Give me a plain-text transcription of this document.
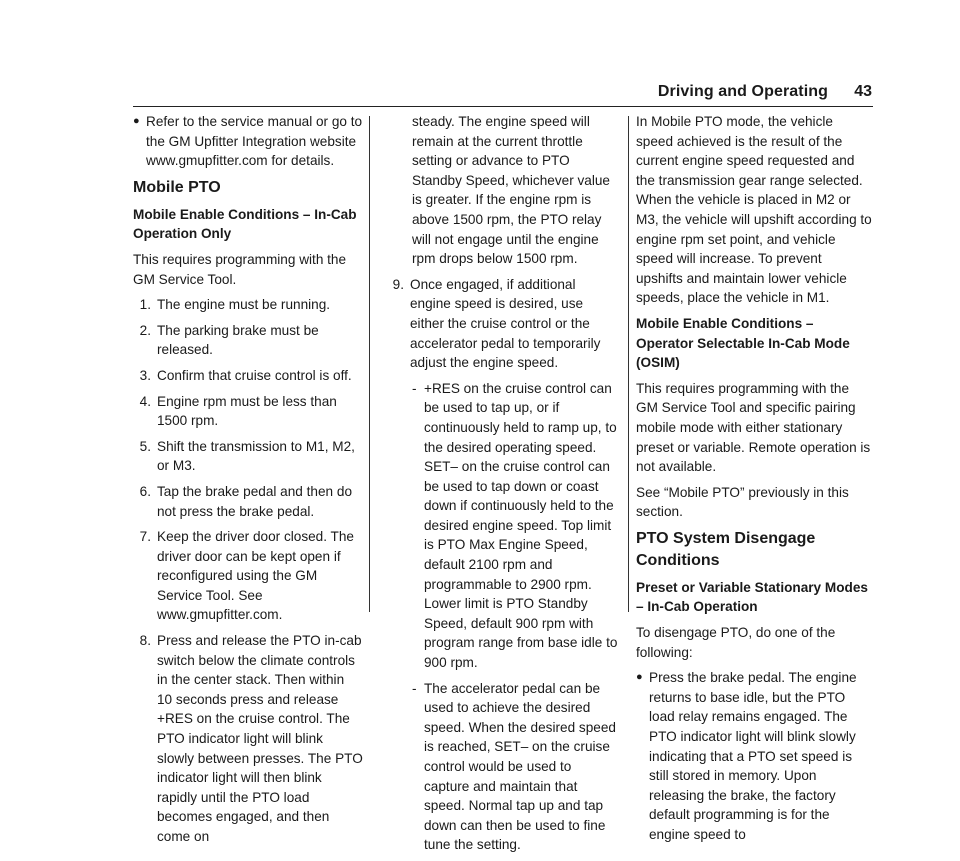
Driving and Operating 43
● Refer to the service manual or go to the GM Upfitter Integration website www.gmupfitter.com for details.
Mobile PTO
Mobile Enable Conditions – In-Cab Operation Only

This requires programming with the GM Service Tool.

1. The engine must be running.
2. The parking brake must be released.
3. Confirm that cruise control is off.
4. Engine rpm must be less than 1500 rpm.
5. Shift the transmission to M1, M2, or M3.
6. Tap the brake pedal and then do not press the brake pedal.
7. Keep the driver door closed. The driver door can be kept open if reconfigured using the GM Service Tool. See www.gmupfitter.com.
8. Press and release the PTO in-cab switch below the climate controls in the center stack. Then within 10 seconds press and release +RES on the cruise control. The PTO indicator light will blink slowly between presses. The PTO indicator light will then blink rapidly until the PTO load becomes engaged, and then come on

steady. The engine speed will remain at the current throttle setting or advance to PTO Standby Speed, whichever value is greater. If the engine rpm is above 1500 rpm, the PTO relay will not engage until the engine rpm drops below 1500 rpm.

9. Once engaged, if additional engine speed is desired, use either the cruise control or the accelerator pedal to temporarily adjust the engine speed.
‐ +RES on the cruise control can be used to tap up, or if continuously held to ramp up, to the desired operating speed. SET– on the cruise control can be used to tap down or coast down if continuously held to the desired engine speed. Top limit is PTO Max Engine Speed, default 2100 rpm and programmable to 2900 rpm. Lower limit is PTO Standby Speed, default 900 rpm with program range from base idle to 900 rpm.
‐ The accelerator pedal can be used to achieve the desired speed. When the desired speed is reached, SET– on the cruise control would be used to capture and maintain that speed. Normal tap up and tap down can then be used to fine tune the setting.

In Mobile PTO mode, the vehicle speed achieved is the result of the current engine speed requested and the transmission gear range selected. When the vehicle is placed in M2 or M3, the vehicle will upshift according to engine rpm set point, and vehicle speed will increase. To prevent upshifts and maintain lower vehicle speeds, place the vehicle in M1.

Mobile Enable Conditions – Operator Selectable In-Cab Mode (OSIM)

This requires programming with the GM Service Tool and specific pairing mobile mode with either stationary preset or variable. Remote operation is not available.

See “Mobile PTO” previously in this section.

PTO System Disengage Conditions
Preset or Variable Stationary Modes – In-Cab Operation

To disengage PTO, do one of the following:

● Press the brake pedal. The engine returns to base idle, but the PTO load relay remains engaged. The PTO indicator light will blink slowly indicating that a PTO set speed is still stored in memory. Upon releasing the brake, the factory default programming is for the engine speed to
